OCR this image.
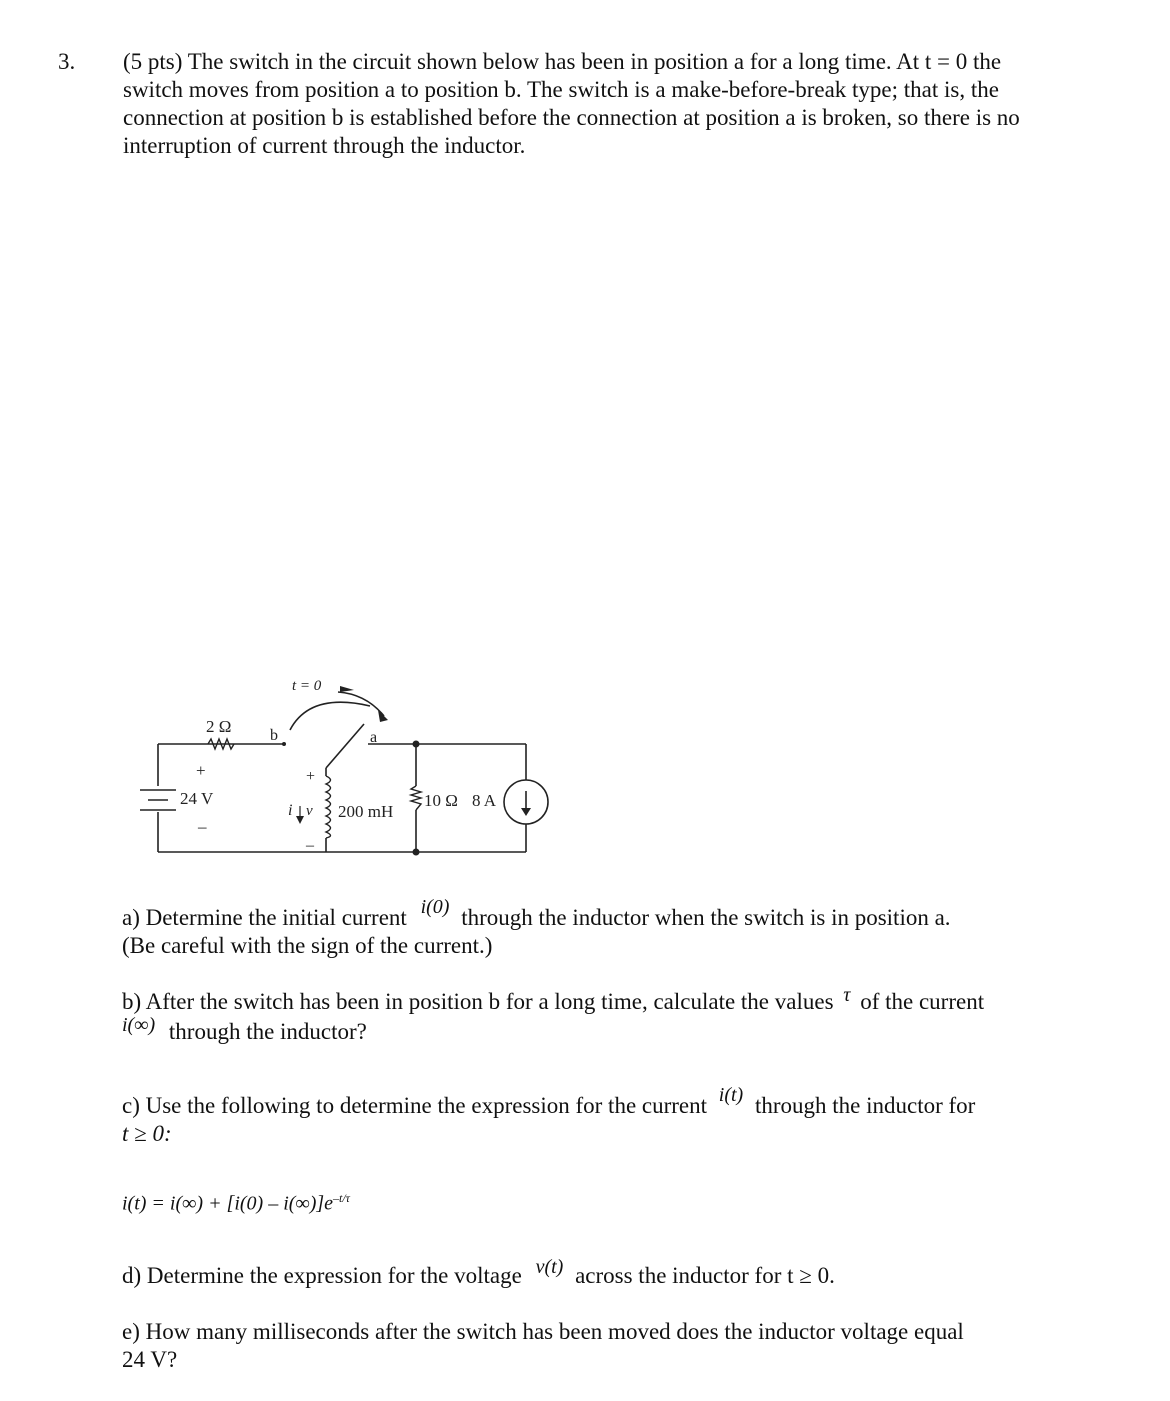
3. (5 pts) The switch in the circuit shown below has been in position a for a long time. At t = 0 the switch moves from position a to position b. The switch is a make-before-break type; that is, the connection at position b is established before the connection at position a is broken, so there is no interruption of current through the inductor.
t = 0
2 Ω b	a
+
24 V
–
+
i v 200 mH
–
10 Ω 8 A
a) Determine the initial current i(0) through the inductor when the switch is in position a.
(Be careful with the sign of the current.)
b) After the switch has been in position b for a long time, calculate the values τ of the current
i(∞) through the inductor?
c) Use the following to determine the expression for the current i(t) through the inductor for
t ≥ 0:
$i(t) = i(\infty) + [i(0) - i(\infty)]e^{-t/\tau}$
d) Determine the expression for the voltage v(t) across the inductor for t ≥ 0.
e) How many milliseconds after the switch has been moved does the inductor voltage equal
24 V?
